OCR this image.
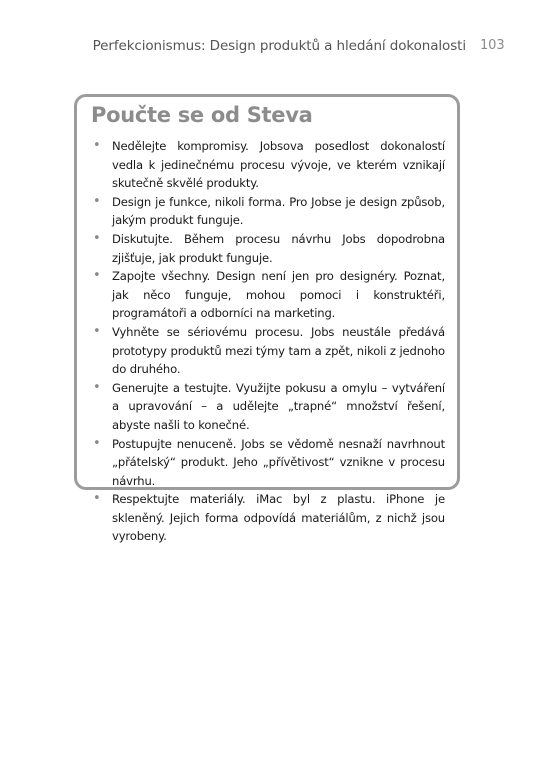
Perfekcionismus: Design produktů a hledání dokonalosti 103
Poučte se od Steva
• Nedělejte kompromisy. Jobsova posedlost dokonalostí vedla k jedinečnému procesu vývoje, ve kterém vznikají skutečně skvělé produkty.
• Design je funkce, nikoli forma. Pro Jobse je design způsob, jakým produkt funguje.
• Diskutujte. Během procesu návrhu Jobs dopodrobna zjišťuje, jak produkt funguje.
• Zapojte všechny. Design není jen pro designéry. Poznat, jak něco funguje, mohou pomoci i konstruktéři, programátoři a odborníci na marketing.
• Vyhněte se sériovému procesu. Jobs neustále předává prototypy produktů mezi týmy tam a zpět, nikoli z jednoho do druhého.
• Generujte a testujte. Využijte pokusu a omylu – vytváření a upravování – a udělejte „trapné“ množství řešení, abyste našli to konečné.
• Postupujte nenuceně. Jobs se vědomě nesnaží navrhnout „přátelský“ produkt. Jeho „přívětivost“ vznikne v procesu návrhu.
• Respektujte materiály. iMac byl z plastu. iPhone je skleněný. Jejich forma odpovídá materiálům, z nichž jsou vyrobeny.
